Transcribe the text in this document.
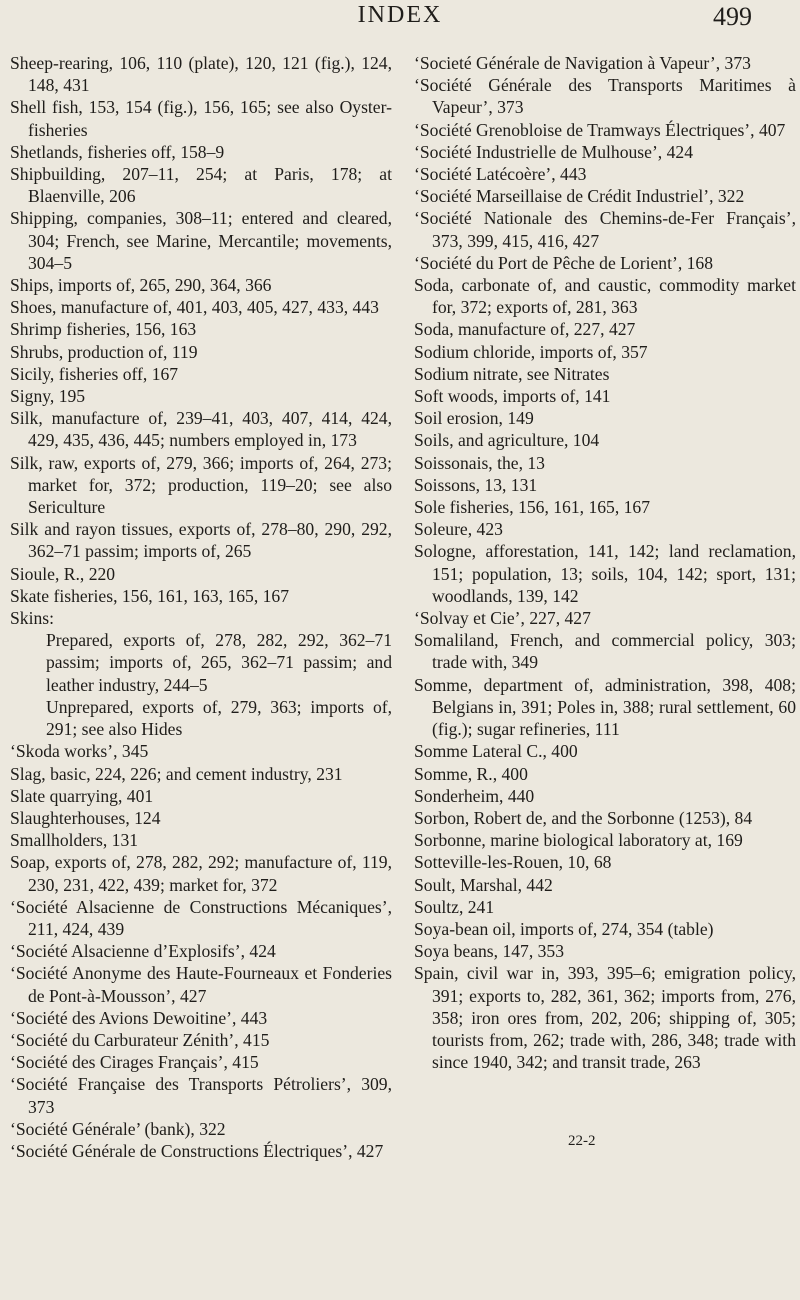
INDEX	499
Sheep-rearing, 106, 110 (plate), 120, 121 (fig.), 124, 148, 431
Shell fish, 153, 154 (fig.), 156, 165; see also Oyster-fisheries
Shetlands, fisheries off, 158–9
Shipbuilding, 207–11, 254; at Paris, 178; at Blaenville, 206
Shipping, companies, 308–11; entered and cleared, 304; French, see Marine, Mercantile; movements, 304–5
Ships, imports of, 265, 290, 364, 366
Shoes, manufacture of, 401, 403, 405, 427, 433, 443
Shrimp fisheries, 156, 163
Shrubs, production of, 119
Sicily, fisheries off, 167
Signy, 195
Silk, manufacture of, 239–41, 403, 407, 414, 424, 429, 435, 436, 445; numbers employed in, 173
Silk, raw, exports of, 279, 366; imports of, 264, 273; market for, 372; production, 119–20; see also Sericulture
Silk and rayon tissues, exports of, 278–80, 290, 292, 362–71 passim; imports of, 265
Sioule, R., 220
Skate fisheries, 156, 161, 163, 165, 167
Skins:
Prepared, exports of, 278, 282, 292, 362–71 passim; imports of, 265, 362–71 passim; and leather industry, 244–5
Unprepared, exports of, 279, 363; imports of, 291; see also Hides
‘Skoda works’, 345
Slag, basic, 224, 226; and cement industry, 231
Slate quarrying, 401
Slaughterhouses, 124
Smallholders, 131
Soap, exports of, 278, 282, 292; manufacture of, 119, 230, 231, 422, 439; market for, 372
‘Société Alsacienne de Constructions Mécaniques’, 211, 424, 439
‘Société Alsacienne d’Explosifs’, 424
‘Société Anonyme des Haute-Fourneaux et Fonderies de Pont-à-Mousson’, 427
‘Société des Avions Dewoitine’, 443
‘Société du Carburateur Zénith’, 415
‘Société des Cirages Français’, 415
‘Société Française des Transports Pétroliers’, 309, 373
‘Société Générale’ (bank), 322
‘Société Générale de Constructions Électriques’, 427
‘Societé Générale de Navigation à Vapeur’, 373
‘Société Générale des Transports Maritimes à Vapeur’, 373
‘Société Grenobloise de Tramways Électriques’, 407
‘Société Industrielle de Mulhouse’, 424
‘Société Latécoère’, 443
‘Société Marseillaise de Crédit Industriel’, 322
‘Société Nationale des Chemins-de-Fer Français’, 373, 399, 415, 416, 427
‘Société du Port de Pêche de Lorient’, 168
Soda, carbonate of, and caustic, commodity market for, 372; exports of, 281, 363
Soda, manufacture of, 227, 427
Sodium chloride, imports of, 357
Sodium nitrate, see Nitrates
Soft woods, imports of, 141
Soil erosion, 149
Soils, and agriculture, 104
Soissonais, the, 13
Soissons, 13, 131
Sole fisheries, 156, 161, 165, 167
Soleure, 423
Sologne, afforestation, 141, 142; land reclamation, 151; population, 13; soils, 104, 142; sport, 131; woodlands, 139, 142
‘Solvay et Cie’, 227, 427
Somaliland, French, and commercial policy, 303; trade with, 349
Somme, department of, administration, 398, 408; Belgians in, 391; Poles in, 388; rural settlement, 60 (fig.); sugar refineries, 111
Somme Lateral C., 400
Somme, R., 400
Sonderheim, 440
Sorbon, Robert de, and the Sorbonne (1253), 84
Sorbonne, marine biological laboratory at, 169
Sotteville-les-Rouen, 10, 68
Soult, Marshal, 442
Soultz, 241
Soya-bean oil, imports of, 274, 354 (table)
Soya beans, 147, 353
Spain, civil war in, 393, 395–6; emigration policy, 391; exports to, 282, 361, 362; imports from, 276, 358; iron ores from, 202, 206; shipping of, 305; tourists from, 262; trade with, 286, 348; trade with since 1940, 342; and transit trade, 263
22-2
